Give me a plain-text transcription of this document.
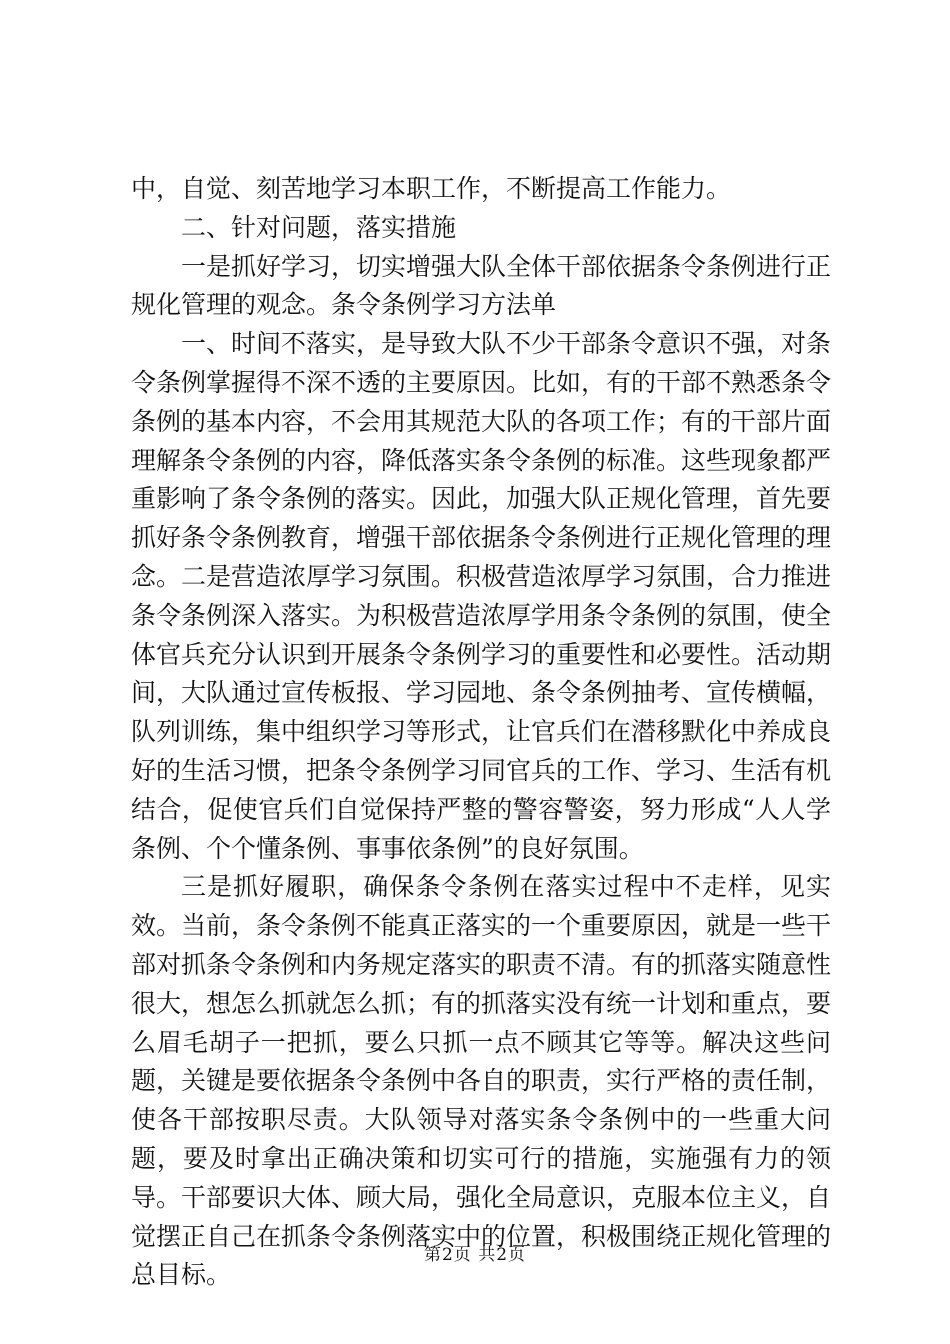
中，自觉、刻苦地学习本职工作，不断提高工作能力。

二、针对问题，落实措施

一是抓好学习，切实增强大队全体干部依据条令条例进行正规化管理的观念。条令条例学习方法单

一、时间不落实，是导致大队不少干部条令意识不强，对条令条例掌握得不深不透的主要原因。比如，有的干部不熟悉条令条例的基本内容，不会用其规范大队的各项工作；有的干部片面理解条令条例的内容，降低落实条令条例的标准。这些现象都严重影响了条令条例的落实。因此，加强大队正规化管理，首先要抓好条令条例教育，增强干部依据条令条例进行正规化管理的理念。二是营造浓厚学习氛围。积极营造浓厚学习氛围，合力推进条令条例深入落实。为积极营造浓厚学用条令条例的氛围，使全体官兵充分认识到开展条令条例学习的重要性和必要性。活动期间，大队通过宣传板报、学习园地、条令条例抽考、宣传横幅，队列训练，集中组织学习等形式，让官兵们在潜移默化中养成良好的生活习惯，把条令条例学习同官兵的工作、学习、生活有机结合，促使官兵们自觉保持严整的警容警姿，努力形成“人人学条例、个个懂条例、事事依条例”的良好氛围。

三是抓好履职，确保条令条例在落实过程中不走样，见实效。当前，条令条例不能真正落实的一个重要原因，就是一些干部对抓条令条例和内务规定落实的职责不清。有的抓落实随意性很大，想怎么抓就怎么抓；有的抓落实没有统一计划和重点，要么眉毛胡子一把抓，要么只抓一点不顾其它等等。解决这些问题，关键是要依据条令条例中各自的职责，实行严格的责任制，使各干部按职尽责。大队领导对落实条令条例中的一些重大问题，要及时拿出正确决策和切实可行的措施，实施强有力的领导。干部要识大体、顾大局，强化全局意识，克服本位主义，自觉摆正自己在抓条令条例落实中的位置，积极围绕正规化管理的总目标。

第2页 共2页
